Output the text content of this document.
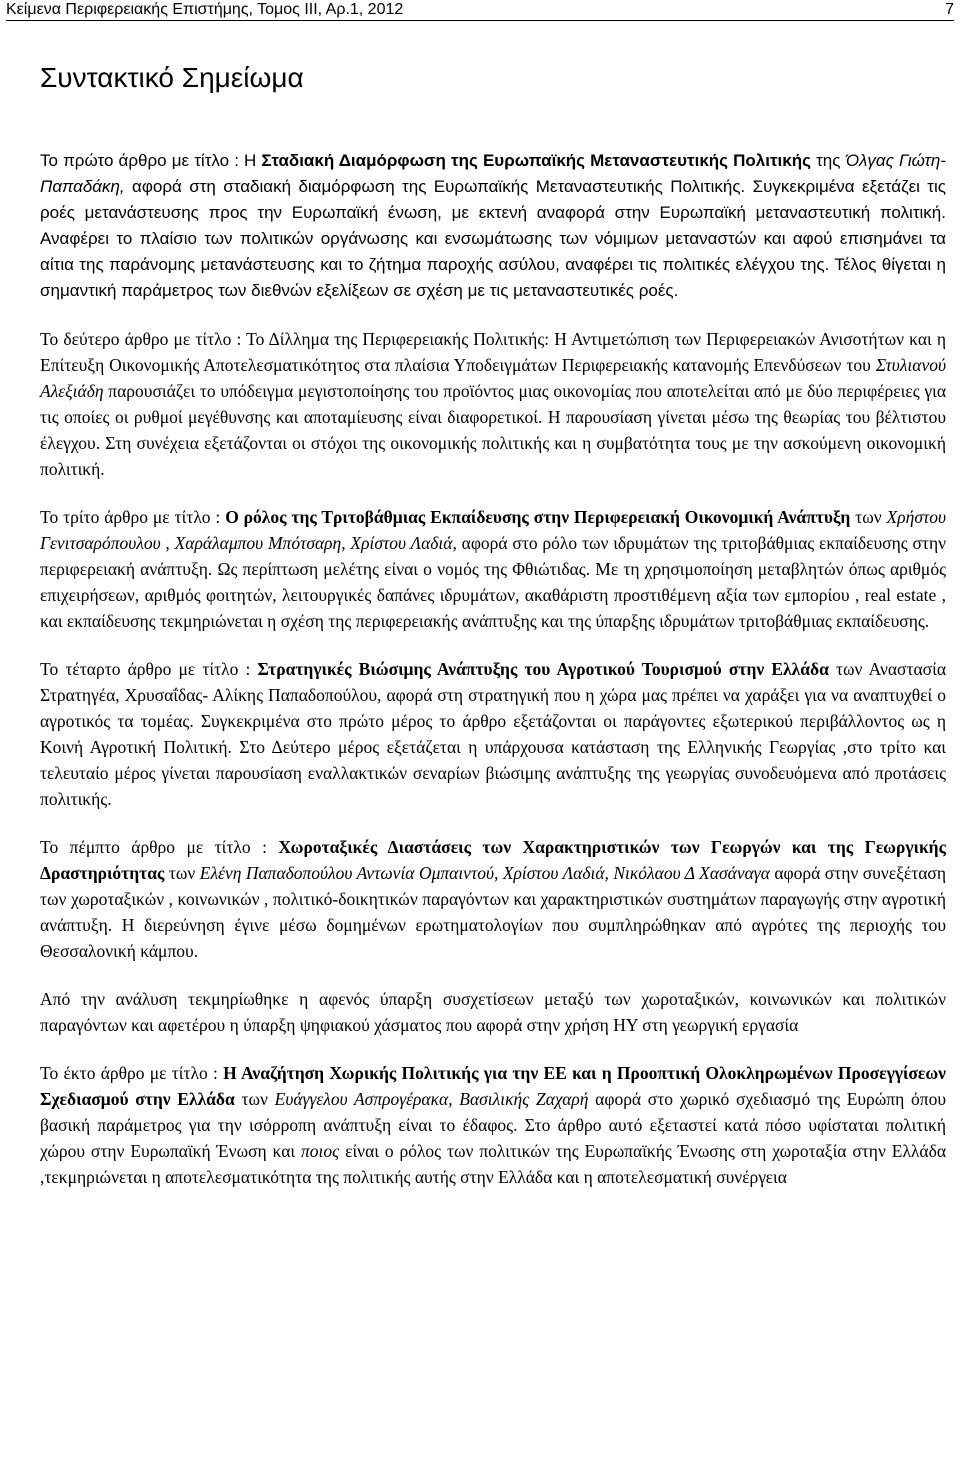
Κείμενα Περιφερειακής Επιστήμης, Τομος ΙΙΙ, Αρ.1, 2012	7
Συντακτικό Σημείωμα

Το πρώτο άρθρο με τίτλο : Η Σταδιακή Διαμόρφωση της Ευρωπαϊκής Μεταναστευτικής Πολιτικής της Όλγας Γιώτη-Παπαδάκη, αφορά στη σταδιακή διαμόρφωση της Ευρωπαϊκής Μεταναστευτικής Πολιτικής. Συγκεκριμένα εξετάζει τις ροές μετανάστευσης προς την Ευρωπαϊκή ένωση, με εκτενή αναφορά στην Ευρωπαϊκή μεταναστευτική πολιτική. Αναφέρει το πλαίσιο των πολιτικών οργάνωσης και ενσωμάτωσης των νόμιμων μεταναστών και αφού επισημάνει τα αίτια της παράνομης μετανάστευσης και το ζήτημα παροχής ασύλου, αναφέρει τις πολιτικές ελέγχου της. Τέλος θίγεται η σημαντική παράμετρος των διεθνών εξελίξεων σε σχέση με τις μεταναστευτικές ροές.

Το δεύτερο άρθρο με τίτλο : Το Δίλλημα της Περιφερειακής Πολιτικής: Η Αντιμετώπιση των Περιφερειακών Ανισοτήτων και η Επίτευξη Οικονομικής Αποτελεσματικότητος στα πλαίσια Υποδειγμάτων Περιφερειακής κατανομής Επενδύσεων του Στυλιανού Αλεξιάδη παρουσιάζει το υπόδειγμα μεγιστοποίησης του προϊόντος μιας οικονομίας που αποτελείται από με δύο περιφέρειες για τις οποίες οι ρυθμοί μεγέθυνσης και αποταμίευσης είναι διαφορετικοί. Η παρουσίαση γίνεται μέσω της θεωρίας του βέλτιστου έλεγχου. Στη συνέχεια εξετάζονται οι στόχοι της οικονομικής πολιτικής και η συμβατότητα τους με την ασκούμενη οικονομική πολιτική.

Το τρίτο άρθρο με τίτλο : Ο ρόλος της Τριτοβάθμιας Εκπαίδευσης στην Περιφερειακή Οικονομική Ανάπτυξη των Χρήστου Γενιτσαρόπουλου , Χαράλαμπου Μπότσαρη, Χρίστου Λαδιά, αφορά στο ρόλο των ιδρυμάτων της τριτοβάθμιας εκπαίδευσης στην περιφερειακή ανάπτυξη. Ως περίπτωση μελέτης είναι ο νομός της Φθιώτιδας. Με τη χρησιμοποίηση μεταβλητών όπως αριθμός επιχειρήσεων, αριθμός φοιτητών, λειτουργικές δαπάνες ιδρυμάτων, ακαθάριστη προστιθέμενη αξία των εμπορίου , real estate , και εκπαίδευσης τεκμηριώνεται η σχέση της περιφερειακής ανάπτυξης και της ύπαρξης ιδρυμάτων τριτοβάθμιας εκπαίδευσης.

Το τέταρτο άρθρο με τίτλο : Στρατηγικές Βιώσιμης Ανάπτυξης του Αγροτικού Τουρισμού στην Ελλάδα των Αναστασία Στρατηγέα, Χρυσαΐδας- Αλίκης Παπαδοπούλου, αφορά στη στρατηγική που η χώρα μας πρέπει να χαράξει για να αναπτυχθεί ο αγροτικός τα τομέας. Συγκεκριμένα στο πρώτο μέρος το άρθρο εξετάζονται οι παράγοντες εξωτερικού περιβάλλοντος ως η Κοινή Αγροτική Πολιτική. Στο Δεύτερο μέρος εξετάζεται η υπάρχουσα κατάσταση της Ελληνικής Γεωργίας ,στο τρίτο και τελευταίο μέρος γίνεται παρουσίαση εναλλακτικών σεναρίων βιώσιμης ανάπτυξης της γεωργίας συνοδευόμενα από προτάσεις πολιτικής.

Το πέμπτο άρθρο με τίτλο : Χωροταξικές Διαστάσεις των Χαρακτηριστικών των Γεωργών και της Γεωργικής Δραστηριότητας των Ελένη Παπαδοπούλου Αντωνία Ομπαιντού, Χρίστου Λαδιά, Νικόλαου Δ Χασάναγα αφορά στην συνεξέταση των χωροταξικών , κοινωνικών , πολιτικό-δοικητικών παραγόντων και χαρακτηριστικών συστημάτων παραγωγής στην αγροτική ανάπτυξη. Η διερεύνηση έγινε μέσω δομημένων ερωτηματολογίων που συμπληρώθηκαν από αγρότες της περιοχής του Θεσσαλονική κάμπου.

Από την ανάλυση τεκμηρίωθηκε η αφενός ύπαρξη συσχετίσεων μεταξύ των χωροταξικών, κοινωνικών και πολιτικών παραγόντων και αφετέρου η ύπαρξη ψηφιακού χάσματος που αφορά στην χρήση ΗΥ στη γεωργική εργασία

Το έκτο άρθρο με τίτλο : Η Αναζήτηση Χωρικής Πολιτικής για την ΕΕ και η Προοπτική Ολοκληρωμένων Προσεγγίσεων Σχεδιασμού στην Ελλάδα των Ευάγγελου Ασπρογέρακα, Βασιλικής Ζαχαρή αφορά στο χωρικό σχεδιασμό της Ευρώπη όπου βασική παράμετρος για την ισόρροπη ανάπτυξη είναι το έδαφος. Στο άρθρο αυτό εξεταστεί κατά πόσο υφίσταται πολιτική χώρου στην Ευρωπαϊκή Ένωση και ποιος είναι ο ρόλος των πολιτικών της Ευρωπαϊκής Ένωσης στη χωροταξία στην Ελλάδα ,τεκμηριώνεται η αποτελεσματικότητα της πολιτικής αυτής στην Ελλάδα και η αποτελεσματική συνέργεια
